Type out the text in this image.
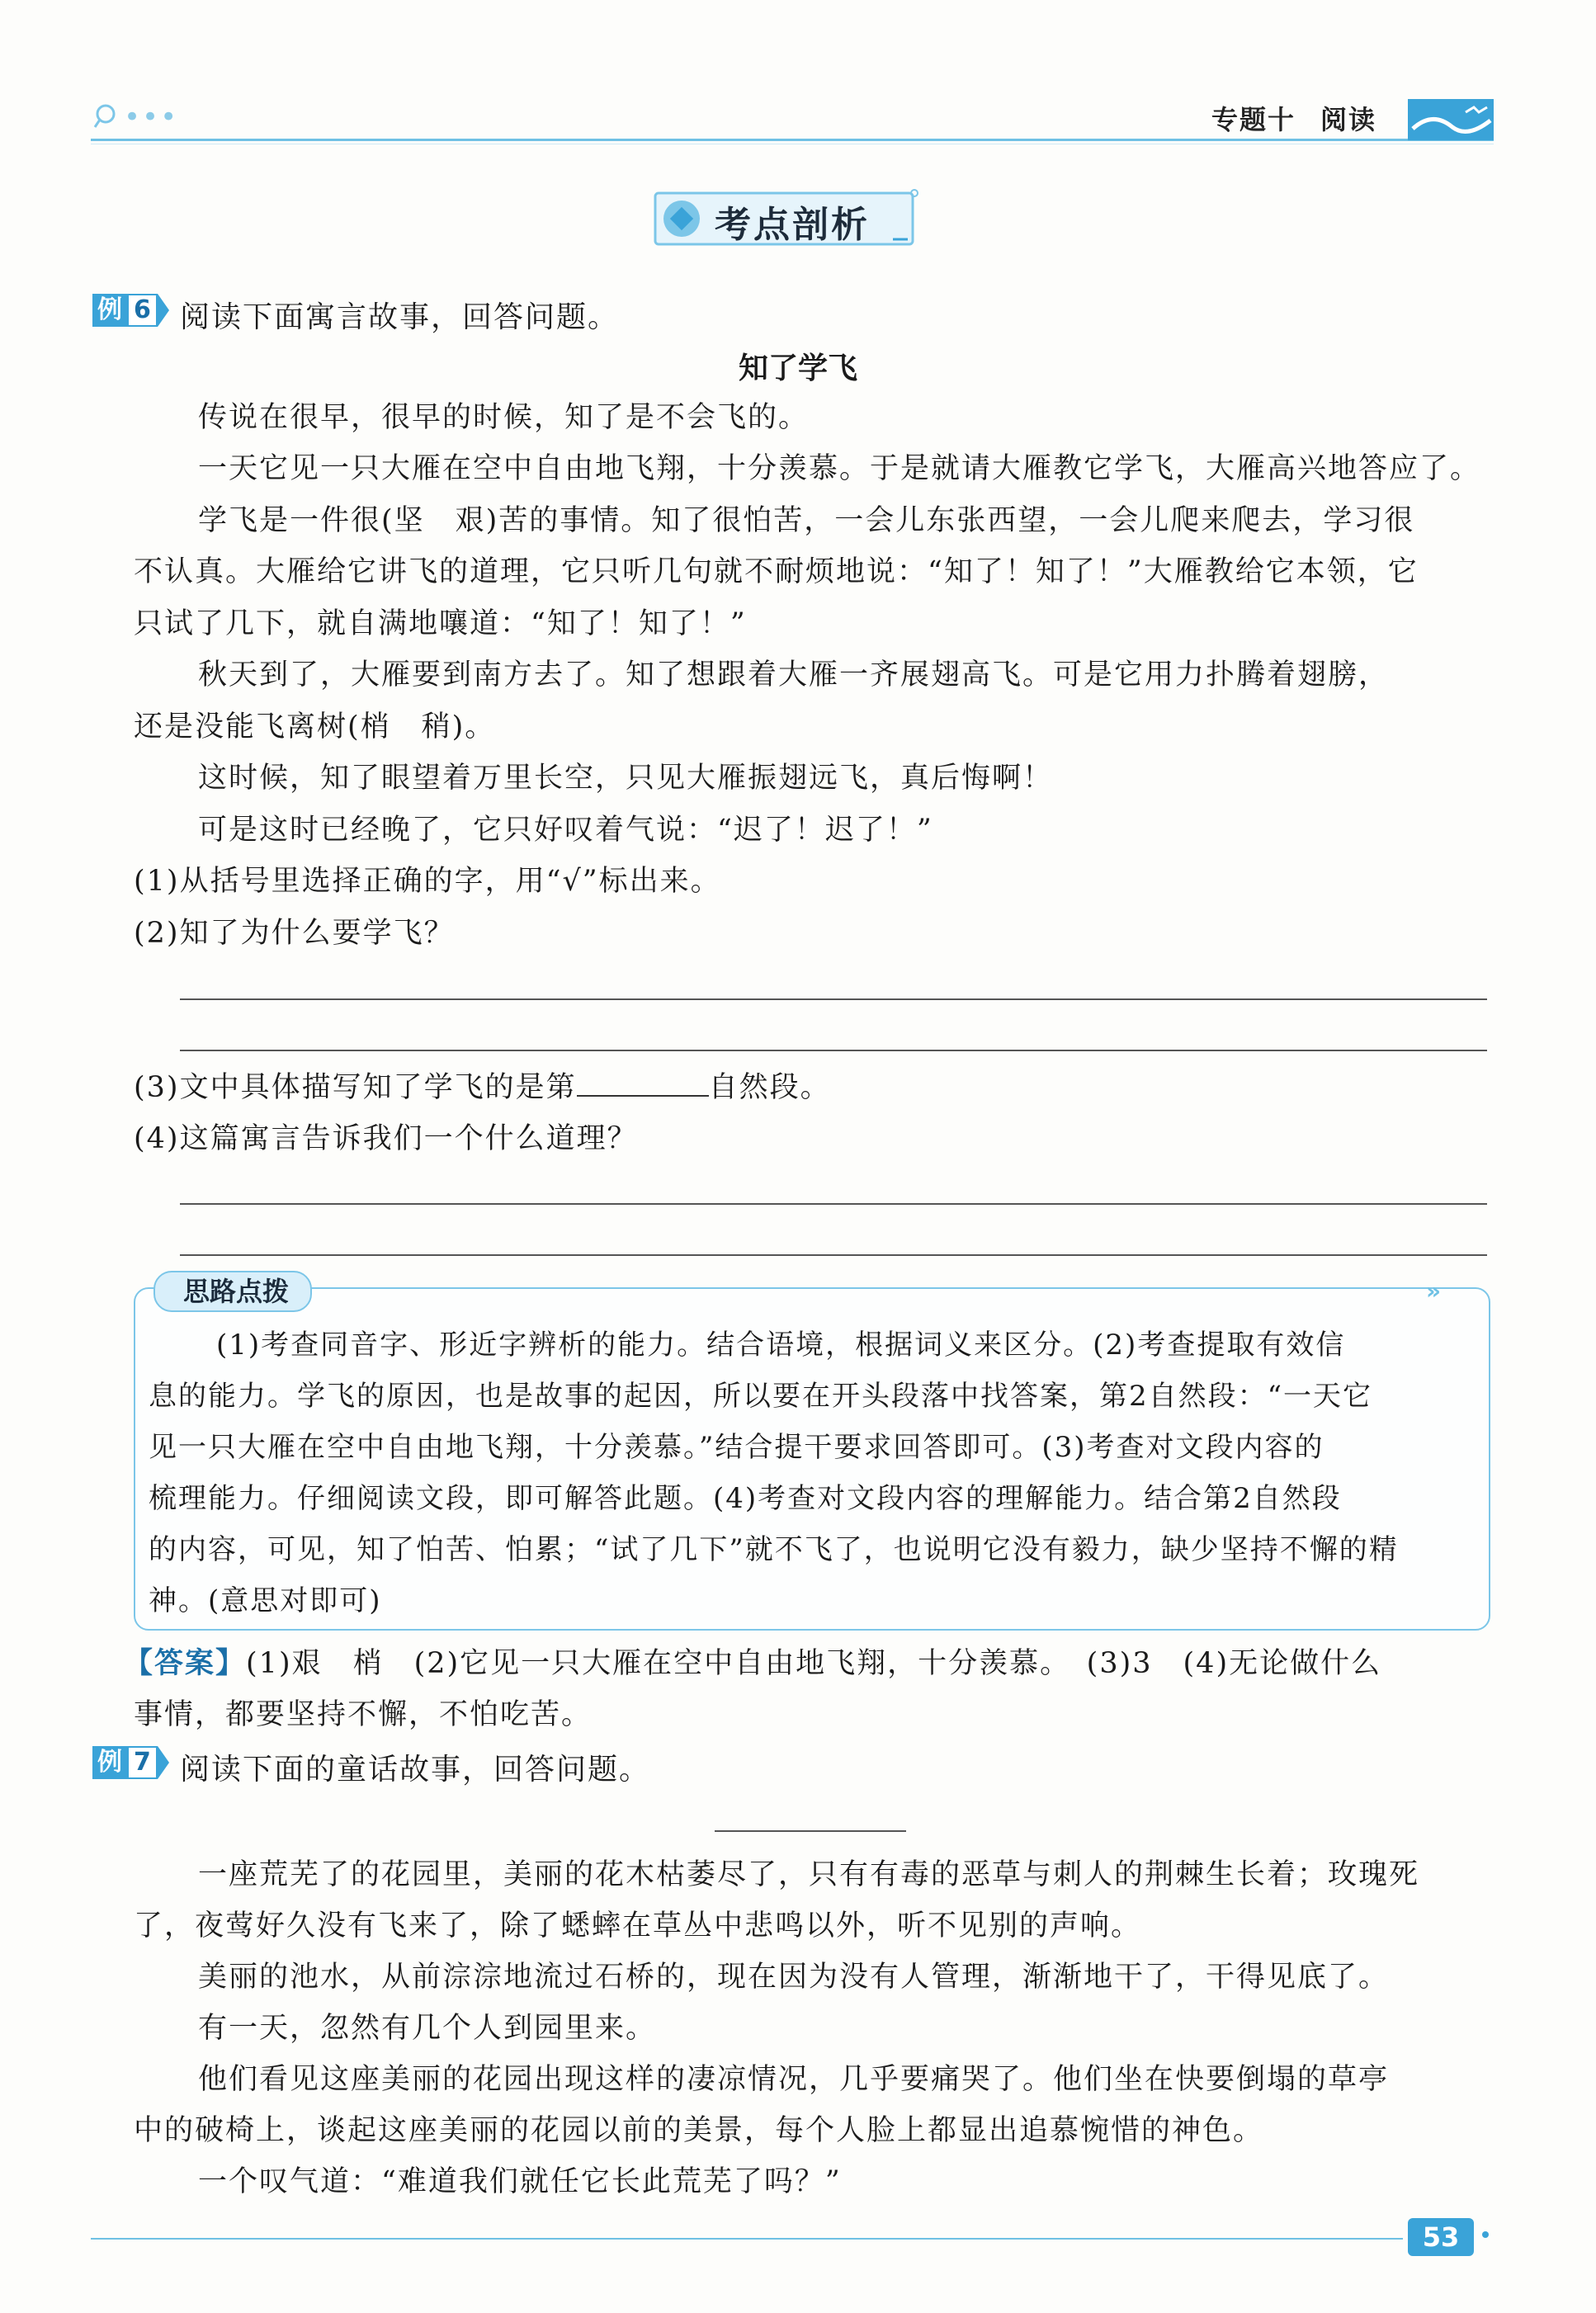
•••	专题十 阅读
考点剖析
例 6 阅读下面寓言故事，回答问题。
知了学飞
传说在很早，很早的时候，知了是不会飞的。
一天它见一只大雁在空中自由地飞翔，十分羡慕。于是就请大雁教它学飞，大雁高兴地答应了。
学飞是一件很(坚　艰)苦的事情。知了很怕苦，一会儿东张西望，一会儿爬来爬去，学习很
不认真。大雁给它讲飞的道理，它只听几句就不耐烦地说：“知了！知了！”大雁教给它本领，它
只试了几下，就自满地嚷道：“知了！知了！”
秋天到了，大雁要到南方去了。知了想跟着大雁一齐展翅高飞。可是它用力扑腾着翅膀，
还是没能飞离树(梢　稍)。
这时候，知了眼望着万里长空，只见大雁振翅远飞，真后悔啊！
可是这时已经晚了，它只好叹着气说：“迟了！迟了！”
(1)从括号里选择正确的字，用“√”标出来。
(2)知了为什么要学飞？
(3)文中具体描写知了学飞的是第	自然段。
(4)这篇寓言告诉我们一个什么道理？
思路点拨	»
(1)考查同音字、形近字辨析的能力。结合语境，根据词义来区分。(2)考查提取有效信
息的能力。学飞的原因，也是故事的起因，所以要在开头段落中找答案，第2自然段：“一天它
见一只大雁在空中自由地飞翔，十分羡慕。”结合提干要求回答即可。(3)考查对文段内容的
梳理能力。仔细阅读文段，即可解答此题。(4)考查对文段内容的理解能力。结合第2自然段
的内容，可见，知了怕苦、怕累；“试了几下”就不飞了，也说明它没有毅力，缺少坚持不懈的精
神。(意思对即可)
【答案】(1)艰　梢　(2)它见一只大雁在空中自由地飞翔，十分羡慕。　(3)3　(4)无论做什么
事情，都要坚持不懈，不怕吃苦。
例 7 阅读下面的童话故事，回答问题。
一座荒芜了的花园里，美丽的花木枯萎尽了，只有有毒的恶草与刺人的荆棘生长着；玫瑰死
了，夜莺好久没有飞来了，除了蟋蟀在草丛中悲鸣以外，听不见别的声响。
美丽的池水，从前淙淙地流过石桥的，现在因为没有人管理，渐渐地干了，干得见底了。
有一天，忽然有几个人到园里来。
他们看见这座美丽的花园出现这样的凄凉情况，几乎要痛哭了。他们坐在快要倒塌的草亭
中的破椅上，谈起这座美丽的花园以前的美景，每个人脸上都显出追慕惋惜的神色。
一个叹气道：“难道我们就任它长此荒芜了吗？”
53
